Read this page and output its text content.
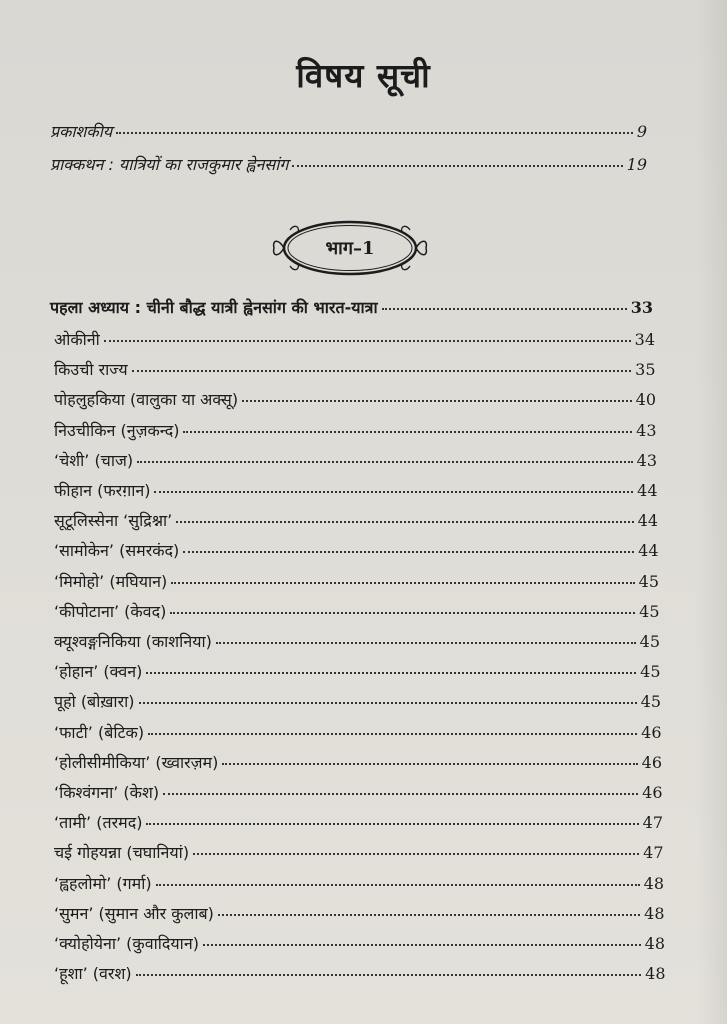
विषय सूची
प्रकाशकीय	9
प्राक्कथन : यात्रियों का राजकुमार ह्वेनसांग	19
भाग–1
पहला अध्याय : चीनी बौद्ध यात्री ह्वेनसांग की भारत-यात्रा	33
ओकीनी	34
किउची राज्य	35
पोहलुहकिया (वालुका या अक्सू)	40
निउचीकिन (नुज़कन्द)	43
‘चेशी’ (चाज)	43
फीहान (फरग़ान)	44
सूटूलिस्सेना ‘सुद्रिश्ना’	44
‘सामोकेन’ (समरकंद)	44
‘मिमोहो’ (मघियान)	45
‘कीपोटाना’ (केवद)	45
क्यूश्वङ्गनिकिया (काशनिया)	45
‘होहान’ (क्वन)	45
पूहो (बोख़ारा)	45
‘फाटी’ (बेटिक)	46
‘होलीसीमीकिया’ (ख्वारज़म)	46
‘किश्वंगना’ (केश)	46
‘तामी’ (तरमद)	47
चई गोहयन्ना (चघानियां)	47
‘ह्वहलोमो’ (गर्मा)	48
‘सुमन’ (सुमान और कुलाब)	48
‘क्योहोयेना’ (कुवादियान)	48
‘हूशा’ (वरश)	48
